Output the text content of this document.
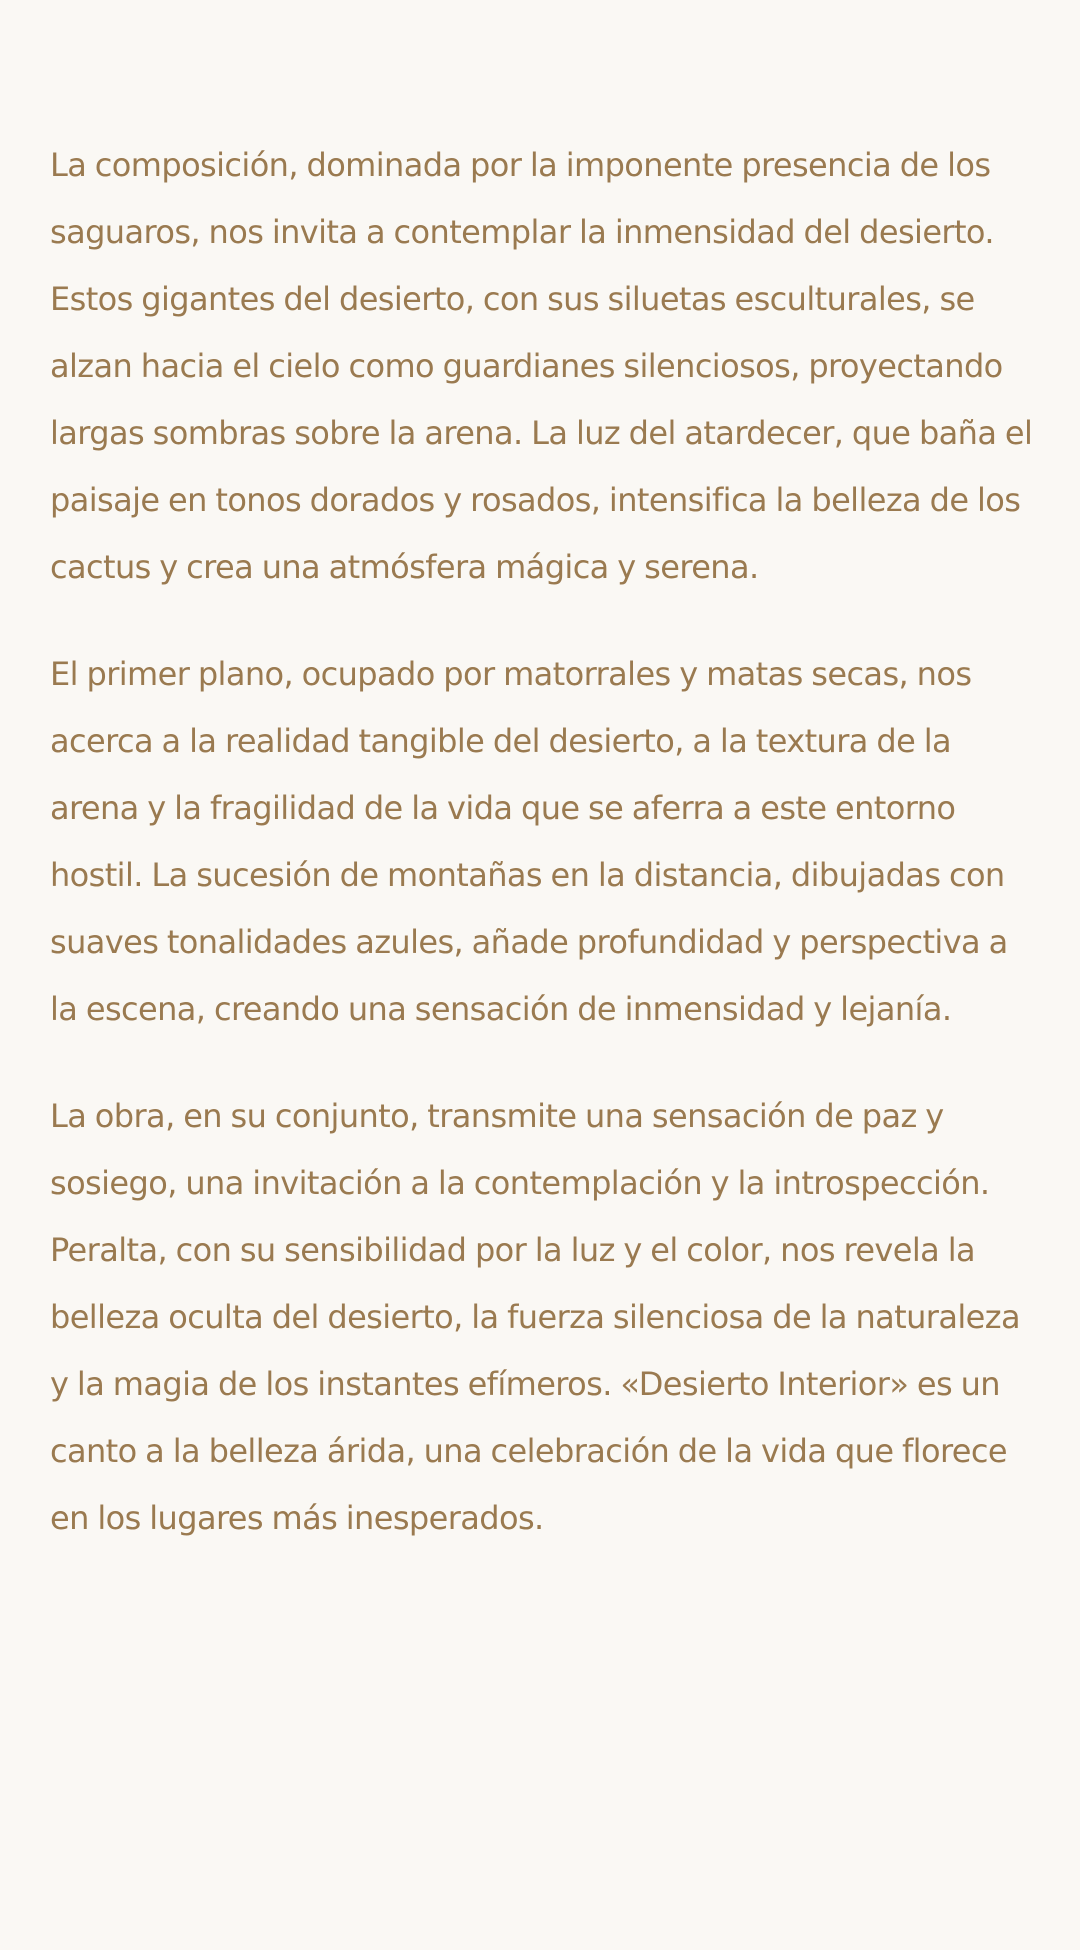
La composición, dominada por la imponente presencia de los saguaros, nos invita a contemplar la inmensidad del desierto. Estos gigantes del desierto, con sus siluetas esculturales, se alzan hacia el cielo como guardianes silenciosos, proyectando largas sombras sobre la arena. La luz del atardecer, que baña el paisaje en tonos dorados y rosados, intensifica la belleza de los cactus y crea una atmósfera mágica y serena.

El primer plano, ocupado por matorrales y matas secas, nos acerca a la realidad tangible del desierto, a la textura de la arena y la fragilidad de la vida que se aferra a este entorno hostil. La sucesión de montañas en la distancia, dibujadas con suaves tonalidades azules, añade profundidad y perspectiva a la escena, creando una sensación de inmensidad y lejanía.

La obra, en su conjunto, transmite una sensación de paz y sosiego, una invitación a la contemplación y la introspección. Peralta, con su sensibilidad por la luz y el color, nos revela la belleza oculta del desierto, la fuerza silenciosa de la naturaleza y la magia de los instantes efímeros. «Desierto Interior» es un canto a la belleza árida, una celebración de la vida que florece en los lugares más inesperados.
